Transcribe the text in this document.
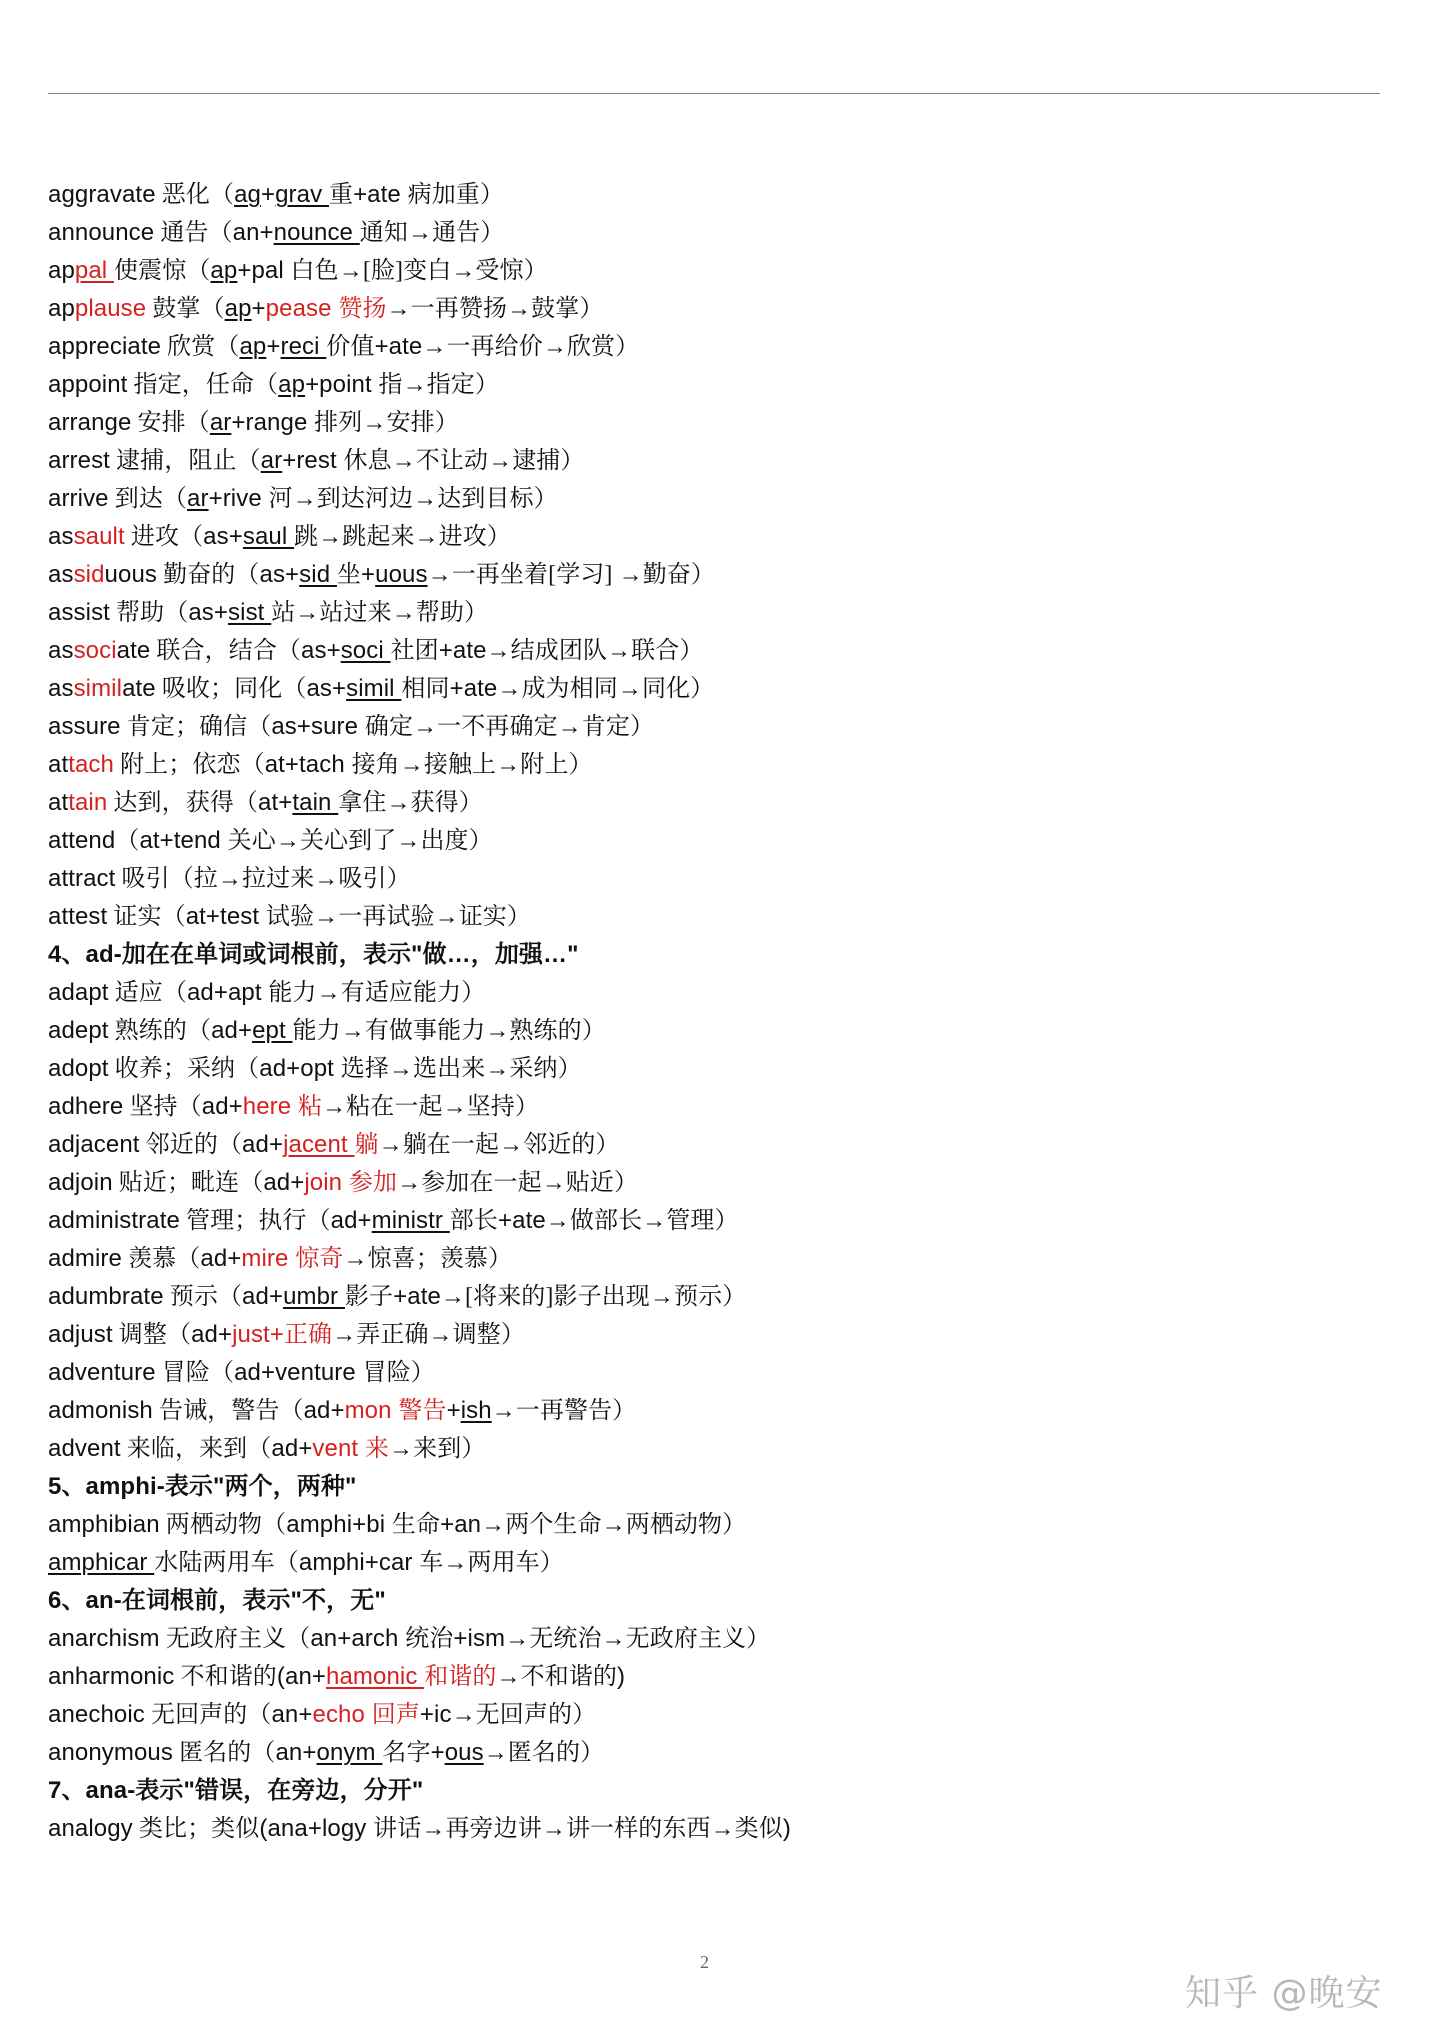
aggravate 恶化（ag+grav 重+ate 病加重）
announce 通告（an+nounce 通知→通告）
appal 使震惊（ap+pal 白色→[脸]变白→受惊）
applause 鼓掌（ap+pease 赞扬→一再赞扬→鼓掌）
appreciate 欣赏（ap+reci 价值+ate→一再给价→欣赏）
appoint 指定，任命（ap+point 指→指定）
arrange 安排（ar+range 排列→安排）
arrest 逮捕，阻止（ar+rest 休息→不让动→逮捕）
arrive 到达（ar+rive 河→到达河边→达到目标）
assault 进攻（as+saul 跳→跳起来→进攻）
assiduous 勤奋的（as+sid 坐+uous→一再坐着[学习] →勤奋）
assist 帮助（as+sist 站→站过来→帮助）
associate 联合，结合（as+soci 社团+ate→结成团队→联合）
assimilate 吸收；同化（as+simil 相同+ate→成为相同→同化）
assure 肯定；确信（as+sure 确定→一不再确定→肯定）
attach 附上；依恋（at+tach 接角→接触上→附上）
attain 达到，获得（at+tain 拿住→获得）
attend（at+tend 关心→关心到了→出度）
attract 吸引（拉→拉过来→吸引）
attest 证实（at+test 试验→一再试验→证实）
4、ad-加在在单词或词根前，表示"做…，加强…"
adapt 适应（ad+apt 能力→有适应能力）
adept 熟练的（ad+ept 能力→有做事能力→熟练的）
adopt 收养；采纳（ad+opt 选择→选出来→采纳）
adhere 坚持（ad+here 粘→粘在一起→坚持）
adjacent 邻近的（ad+jacent 躺→躺在一起→邻近的）
adjoin 贴近；毗连（ad+join 参加→参加在一起→贴近）
administrate 管理；执行（ad+ministr 部长+ate→做部长→管理）
admire 羡慕（ad+mire 惊奇→惊喜；羡慕）
adumbrate 预示（ad+umbr 影子+ate→[将来的]影子出现→预示）
adjust 调整（ad+just+正确→弄正确→调整）
adventure 冒险（ad+venture 冒险）
admonish 告诫，警告（ad+mon 警告+ish→一再警告）
advent 来临，来到（ad+vent 来→来到）
5、amphi-表示"两个，两种"
amphibian 两栖动物（amphi+bi 生命+an→两个生命→两栖动物）
amphicar 水陆两用车（amphi+car 车→两用车）
6、an-在词根前，表示"不，无"
anarchism 无政府主义（an+arch 统治+ism→无统治→无政府主义）
anharmonic 不和谐的(an+hamonic 和谐的→不和谐的)
anechoic 无回声的（an+echo 回声+ic→无回声的）
anonymous 匿名的（an+onym 名字+ous→匿名的）
7、ana-表示"错误，在旁边，分开"
analogy 类比；类似(ana+logy 讲话→再旁边讲→讲一样的东西→类似)
2
知乎 @晚安
